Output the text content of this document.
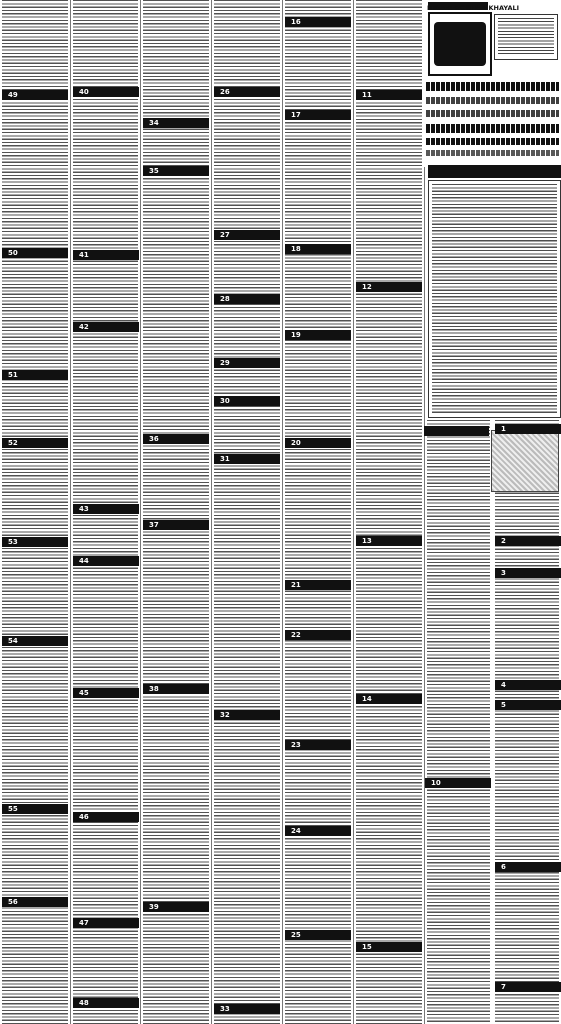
NIDA-E-ROSHAN KHAYALI
1
2
3
4
5
6
7
10
11
12
13
14
15
16
17
18
19
20
21
22
23
24
25
26
27
28
29
30
31
32
33
34
35
36
37
38
39
40
41
42
43
44
45
46
47
48
49
50
51
52
53
54
55
56
